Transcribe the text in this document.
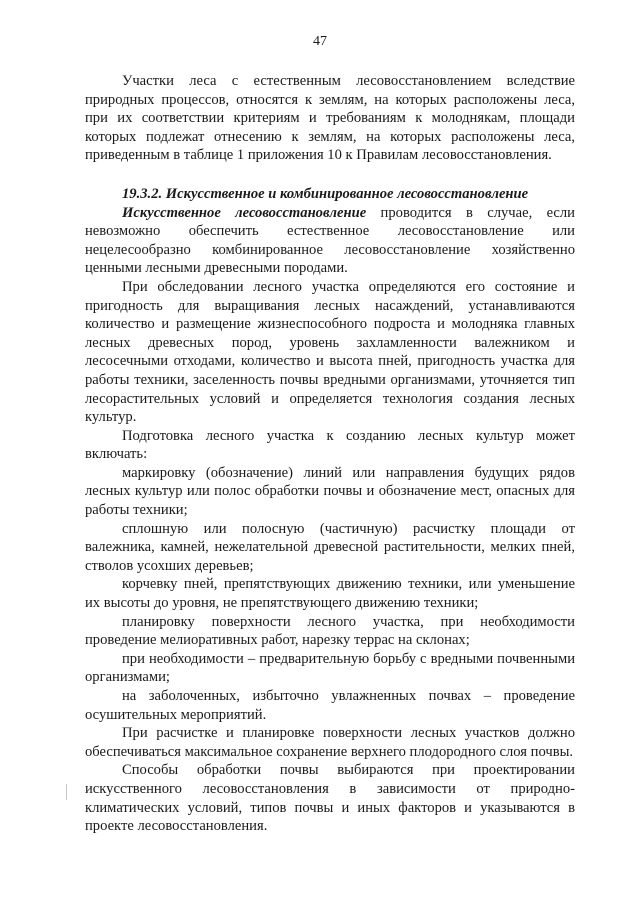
47

Участки леса с естественным лесовосстановлением вследствие природных процессов, относятся к землям, на которых расположены леса, при их соответствии критериям и требованиям к молоднякам, площади которых подлежат отнесению к землям, на которых расположены леса, приведенным в таблице 1 приложения 10 к Правилам лесовосстановления.

19.3.2. Искусственное и комбинированное лесовосстановление

Искусственное лесовосстановление проводится в случае, если невозможно обеспечить естественное лесовосстановление или нецелесообразно комбинированное лесовосстановление хозяйственно ценными лесными древесными породами.

При обследовании лесного участка определяются его состояние и пригодность для выращивания лесных насаждений, устанавливаются количество и размещение жизнеспособного подроста и молодняка главных лесных древесных пород, уровень захламленности валежником и лесосечными отходами, количество и высота пней, пригодность участка для работы техники, заселенность почвы вредными организмами, уточняется тип лесорастительных условий и определяется технология создания лесных культур.

Подготовка лесного участка к созданию лесных культур может включать:

маркировку (обозначение) линий или направления будущих рядов лесных культур или полос обработки почвы и обозначение мест, опасных для работы техники;

сплошную или полосную (частичную) расчистку площади от валежника, камней, нежелательной древесной растительности, мелких пней, стволов усохших деревьев;

корчевку пней, препятствующих движению техники, или уменьшение их высоты до уровня, не препятствующего движению техники;

планировку поверхности лесного участка, при необходимости проведение мелиоративных работ, нарезку террас на склонах;

при необходимости – предварительную борьбу с вредными почвенными организмами;

на заболоченных, избыточно увлажненных почвах – проведение осушительных мероприятий.

При расчистке и планировке поверхности лесных участков должно обеспечиваться максимальное сохранение верхнего плодородного слоя почвы.

Способы обработки почвы выбираются при проектировании искусственного лесовосстановления в зависимости от природно-климатических условий, типов почвы и иных факторов и указываются в проекте лесовосстановления.
